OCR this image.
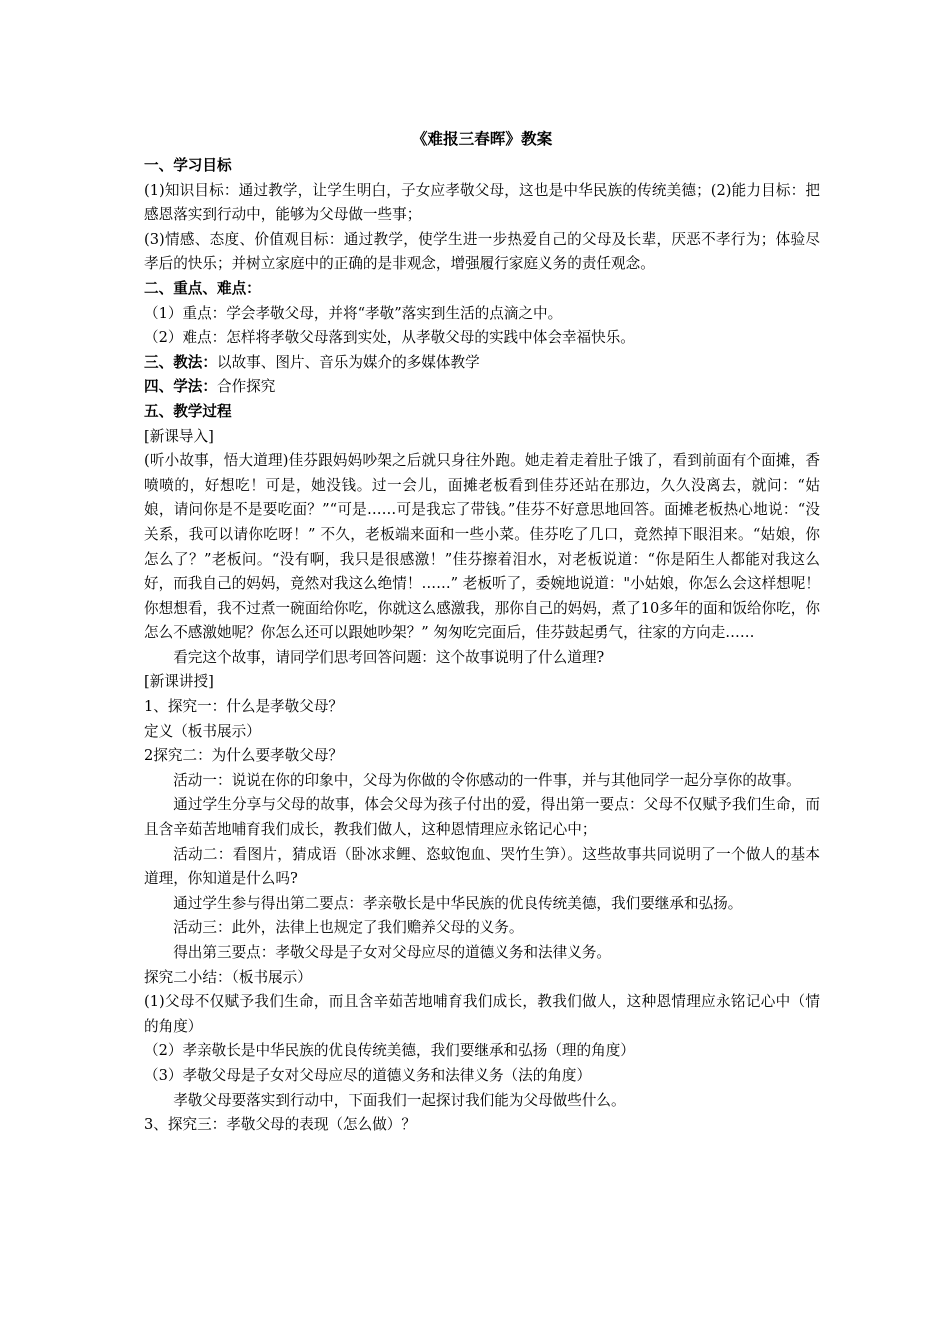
《难报三春晖》教案

一、学习目标

(1)知识目标：通过教学，让学生明白，子女应孝敬父母，这也是中华民族的传统美德；(2)能力目标：把感恩落实到行动中，能够为父母做一些事；

(3)情感、态度、价值观目标：通过教学，使学生进一步热爱自己的父母及长辈，厌恶不孝行为；体验尽孝后的快乐；并树立家庭中的正确的是非观念，增强履行家庭义务的责任观念。

二、重点、难点：

（1）重点：学会孝敬父母，并将“孝敬”落实到生活的点滴之中。

（2）难点：怎样将孝敬父母落到实处，从孝敬父母的实践中体会幸福快乐。

三、教法：以故事、图片、音乐为媒介的多媒体教学

四、学法：合作探究

五、教学过程

[新课导入]

(听小故事，悟大道理)佳芬跟妈妈吵架之后就只身往外跑。她走着走着肚子饿了，看到前面有个面摊，香喷喷的，好想吃！可是，她没钱。过一会儿，面摊老板看到佳芬还站在那边，久久没离去，就问：“姑娘，请问你是不是要吃面？”“可是……可是我忘了带钱。”佳芬不好意思地回答。面摊老板热心地说：“没关系，我可以请你吃呀！” 不久，老板端来面和一些小菜。佳芬吃了几口，竟然掉下眼泪来。“姑娘，你怎么了？”老板问。“没有啊，我只是很感激！”佳芬擦着泪水，对老板说道：“你是陌生人都能对我这么好，而我自己的妈妈，竟然对我这么绝情！……” 老板听了，委婉地说道："小姑娘，你怎么会这样想呢！你想想看，我不过煮一碗面给你吃，你就这么感激我，那你自己的妈妈，煮了10多年的面和饭给你吃，你怎么不感激她呢？你怎么还可以跟她吵架？” 匆匆吃完面后，佳芬鼓起勇气，往家的方向走……

看完这个故事，请同学们思考回答问题：这个故事说明了什么道理?

[新课讲授]

1、探究一：什么是孝敬父母？

定义（板书展示）

2探究二：为什么要孝敬父母？

活动一：说说在你的印象中，父母为你做的令你感动的一件事，并与其他同学一起分享你的故事。

通过学生分享与父母的故事，体会父母为孩子付出的爱，得出第一要点：父母不仅赋予我们生命，而且含辛茹苦地哺育我们成长，教我们做人，这种恩情理应永铭记心中；

活动二：看图片，猜成语（卧冰求鲤、恣蚊饱血、哭竹生笋）。这些故事共同说明了一个做人的基本道理，你知道是什么吗?

通过学生参与得出第二要点：孝亲敬长是中华民族的优良传统美德，我们要继承和弘扬。

活动三：此外，法律上也规定了我们赡养父母的义务。

得出第三要点：孝敬父母是子女对父母应尽的道德义务和法律义务。

探究二小结：（板书展示）

(1)父母不仅赋予我们生命，而且含辛茹苦地哺育我们成长，教我们做人，这种恩情理应永铭记心中（情的角度）

（2）孝亲敬长是中华民族的优良传统美德，我们要继承和弘扬（理的角度）

（3）孝敬父母是子女对父母应尽的道德义务和法律义务（法的角度）

孝敬父母要落实到行动中，下面我们一起探讨我们能为父母做些什么。

3、探究三：孝敬父母的表现（怎么做）？
